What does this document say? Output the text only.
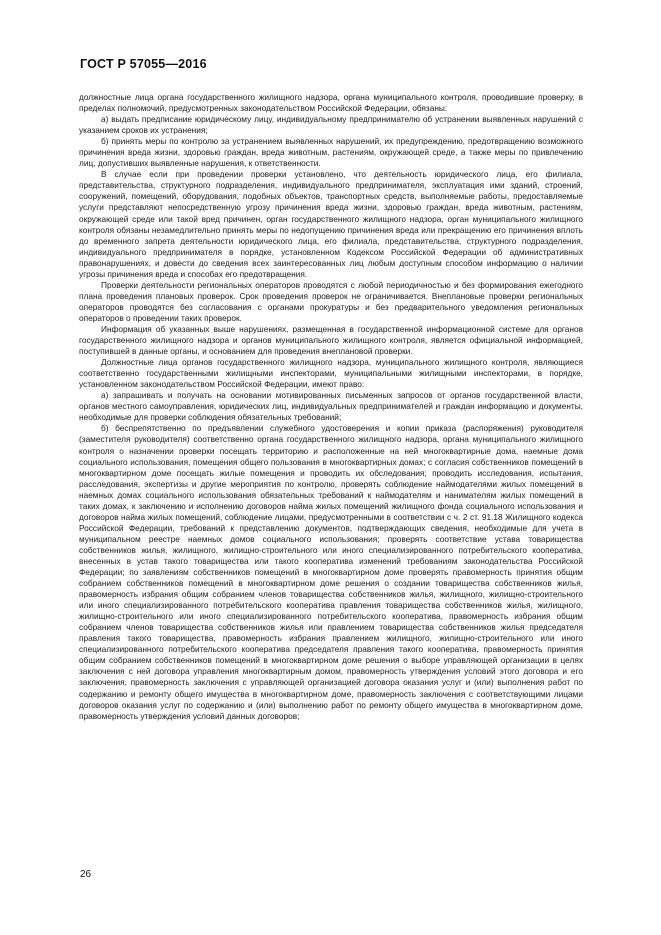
ГОСТ Р 57055—2016

должностные лица органа государственного жилищного надзора, органа муниципального контроля, проводившие проверку, в пределах полномочий, предусмотренных законодательством Российской Федерации, обязаны:

а) выдать предписание юридическому лицу, индивидуальному предпринимателю об устранении выявленных нарушений с указанием сроков их устранения;

б) принять меры по контролю за устранением выявленных нарушений, их предупреждению, предотвращению возможного причинения вреда жизни, здоровью граждан, вреда животным, растениям, окружающей среде, а также меры по привлечению лиц, допустивших выявленные нарушения, к ответственности.

В случае если при проведении проверки установлено, что деятельность юридического лица, его филиала, представительства, структурного подразделения, индивидуального предпринимателя, эксплуатация ими зданий, строений, сооружений, помещений, оборудования, подобных объектов, транспортных средств, выполняемые работы, предоставляемые услуги представляют непосредственную угрозу причинения вреда жизни, здоровью граждан, вреда животным, растениям, окружающей среде или такой вред причинен, орган государственного жилищного надзора, орган муниципального жилищного контроля обязаны незамедлительно принять меры по недопущению причинения вреда или прекращению его причинения вплоть до временного запрета деятельности юридического лица, его филиала, представительства, структурного подразделения, индивидуального предпринимателя в порядке, установленном Кодексом Российской Федерации об административных правонарушениях, и довести до сведения всех заинтересованных лиц любым доступным способом информацию о наличии угрозы причинения вреда и способах его предотвращения.

Проверки деятельности региональных операторов проводятся с любой периодичностью и без формирования ежегодного плана проведения плановых проверок. Срок проведения проверок не ограничивается. Внеплановые проверки региональных операторов проводятся без согласования с органами прокуратуры и без предварительного уведомления региональных операторов о проведении таких проверок.

Информация об указанных выше нарушениях, размещенная в государственной информационной системе для органов государственного жилищного надзора и органов муниципального жилищного контроля, является официальной информацией, поступившей в данные органы, и основанием для проведения внеплановой проверки.

Должностные лица органов государственного жилищного надзора, муниципального жилищного контроля, являющиеся соответственно государственными жилищными инспекторами, муниципальными жилищными инспекторами, в порядке, установленном законодательством Российской Федерации, имеют право:

а) запрашивать и получать на основании мотивированных письменных запросов от органов государственной власти, органов местного самоуправления, юридических лиц, индивидуальных предпринимателей и граждан информацию и документы, необходимые для проверки соблюдения обязательных требований;

б) беспрепятственно по предъявлении служебного удостоверения и копии приказа (распоряжения) руководителя (заместителя руководителя) соответственно органа государственного жилищного надзора, органа муниципального жилищного контроля о назначении проверки посещать территорию и расположенные на ней многоквартирные дома, наемные дома социального использования, помещения общего пользования в многоквартирных домах; с согласия собственников помещений в многоквартирном доме посещать жилые помещения и проводить их обследования; проводить исследования, испытания, расследования, экспертизы и другие мероприятия по контролю, проверять соблюдение наймодателями жилых помещений в наемных домах социального использования обязательных требований к наймодателям и нанимателям жилых помещений в таких домах, к заключению и исполнению договоров найма жилых помещений жилищного фонда социального использования и договоров найма жилых помещений, соблюдение лицами, предусмотренными в соответствии с ч. 2 ст. 91.18 Жилищного кодекса Российской Федерации, требований к представлению документов, подтверждающих сведения, необходимые для учета в муниципальном реестре наемных домов социального использования; проверять соответствие устава товарищества собственников жилья, жилищного, жилищно-строительного или иного специализированного потребительского кооператива, внесенных в устав такого товарищества или такого кооператива изменений требованиям законодательства Российской Федерации; по заявлениям собственников помещений в многоквартирном доме проверять правомерность принятия общим собранием собственников помещений в многоквартирном доме решения о создании товарищества собственников жилья, правомерность избрания общим собранием членов товарищества собственников жилья, жилищного, жилищно-строительного или иного специализированного потребительского кооператива правления товарищества собственников жилья, жилищного, жилищно-строительного или иного специализированного потребительского кооператива, правомерность избрания общим собранием членов товарищества собственников жилья или правлением товарищества собственников жилья председателя правления такого товарищества, правомерность избрания правлением жилищного, жилищно-строительного или иного специализированного потребительского кооператива председателя правления такого кооператива, правомерность принятия общим собранием собственников помещений в многоквартирном доме решения о выборе управляющей организации в целях заключения с ней договора управления многоквартирным домом, правомерность утверждения условий этого договора и его заключения, правомерность заключения с управляющей организацией договора оказания услуг и (или) выполнения работ по содержанию и ремонту общего имущества в многоквартирном доме, правомерность заключения с соответствующими лицами договоров оказания услуг по содержанию и (или) выполнению работ по ремонту общего имущества в многоквартирном доме, правомерность утверждения условий данных договоров;

26
